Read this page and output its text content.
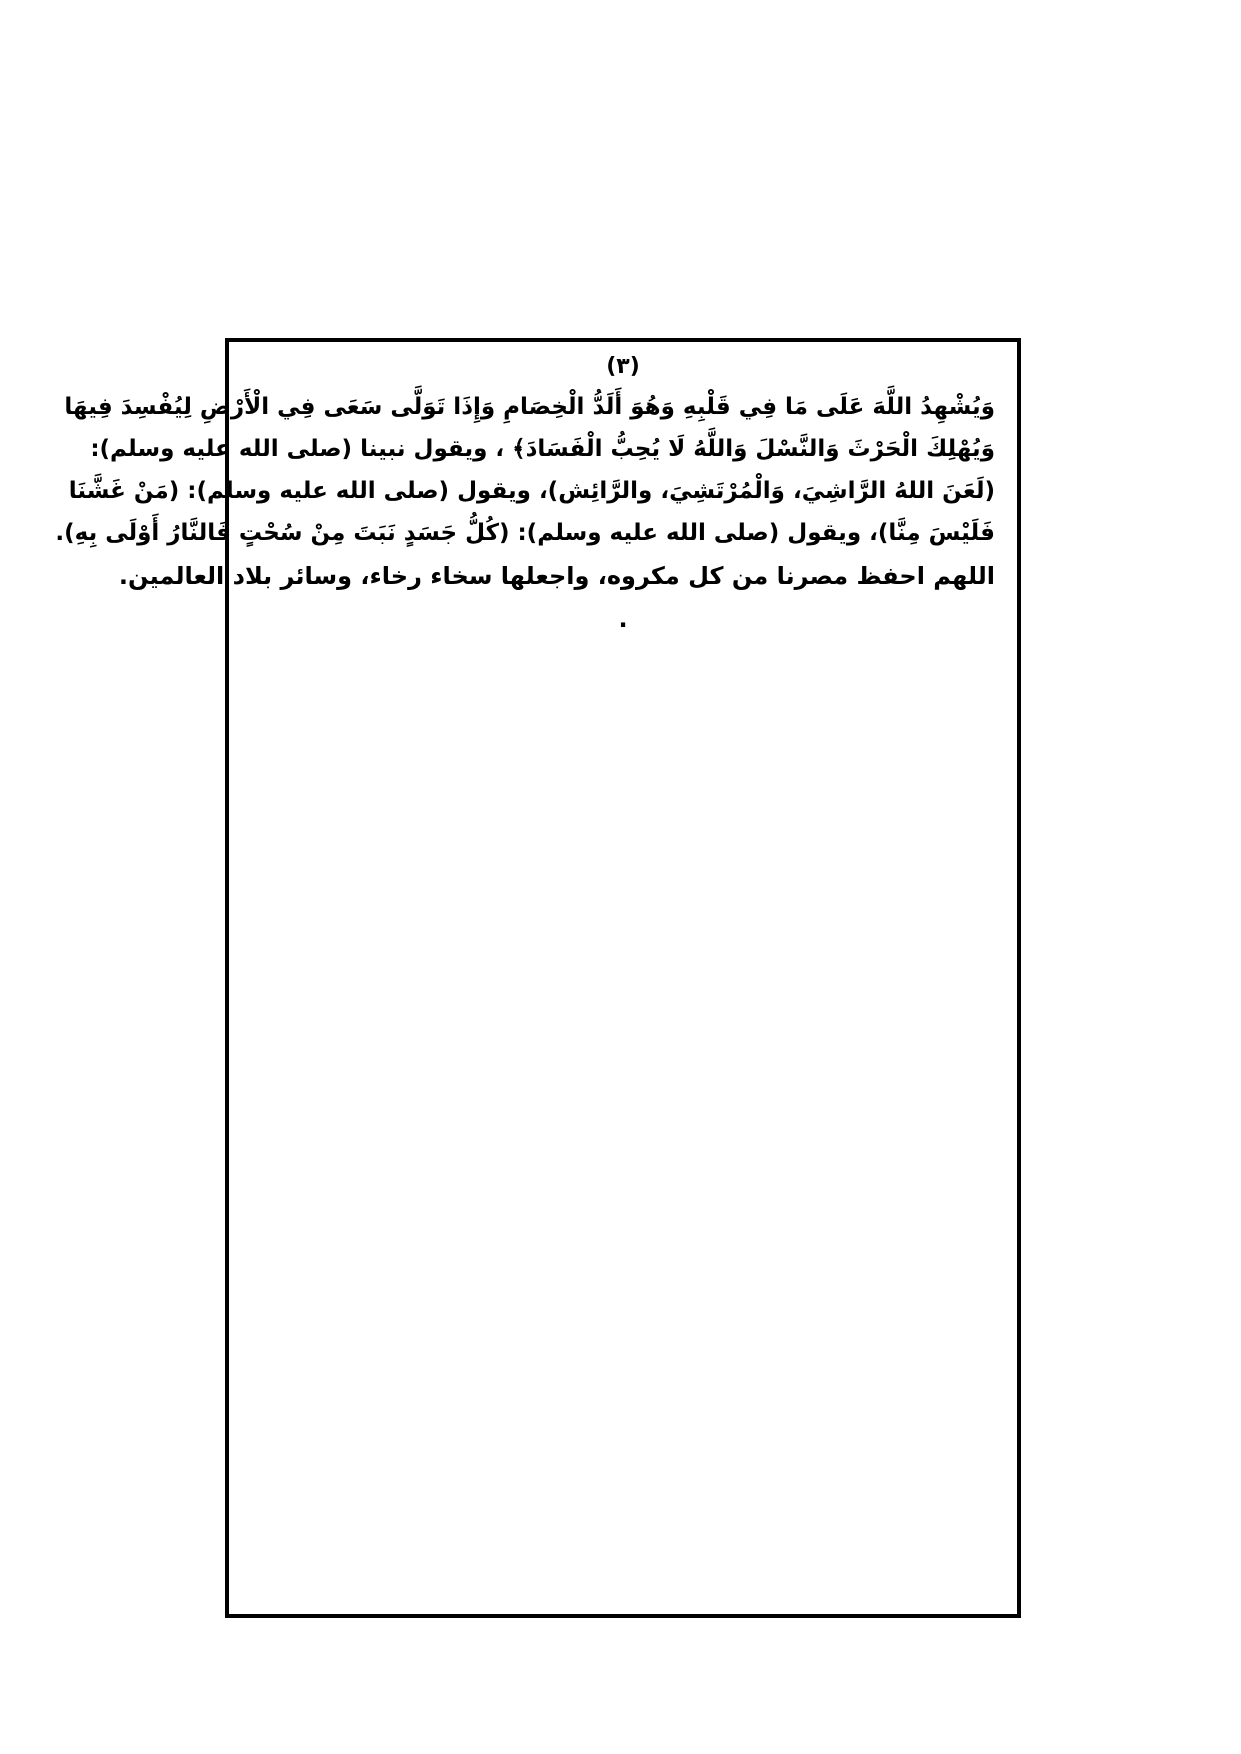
(٣)
وَيُشْهِدُ اللَّهَ عَلَى مَا فِي قَلْبِهِ وَهُوَ أَلَدُّ الْخِصَامِ وَإِذَا تَوَلَّى سَعَى فِي الْأَرْضِ لِيُفْسِدَ فِيهَا
وَيُهْلِكَ الْحَرْثَ وَالنَّسْلَ وَاللَّهُ لَا يُحِبُّ الْفَسَادَ﴾ ، ويقول نبينا (صلى الله عليه وسلم):
(لَعَنَ اللهُ الرَّاشِيَ، وَالْمُرْتَشِيَ، والرَّائِش)، ويقول (صلى الله عليه وسلم): (مَنْ غَشَّنَا
فَلَيْسَ مِنَّا)، ويقول (صلى الله عليه وسلم): (كُلُّ جَسَدٍ نَبَتَ مِنْ سُحْتٍ فَالنَّارُ أَوْلَى بِهِ).
اللهم احفظ مصرنا من كل مكروه، واجعلها سخاء رخاء، وسائر بلاد العالمين.
.
